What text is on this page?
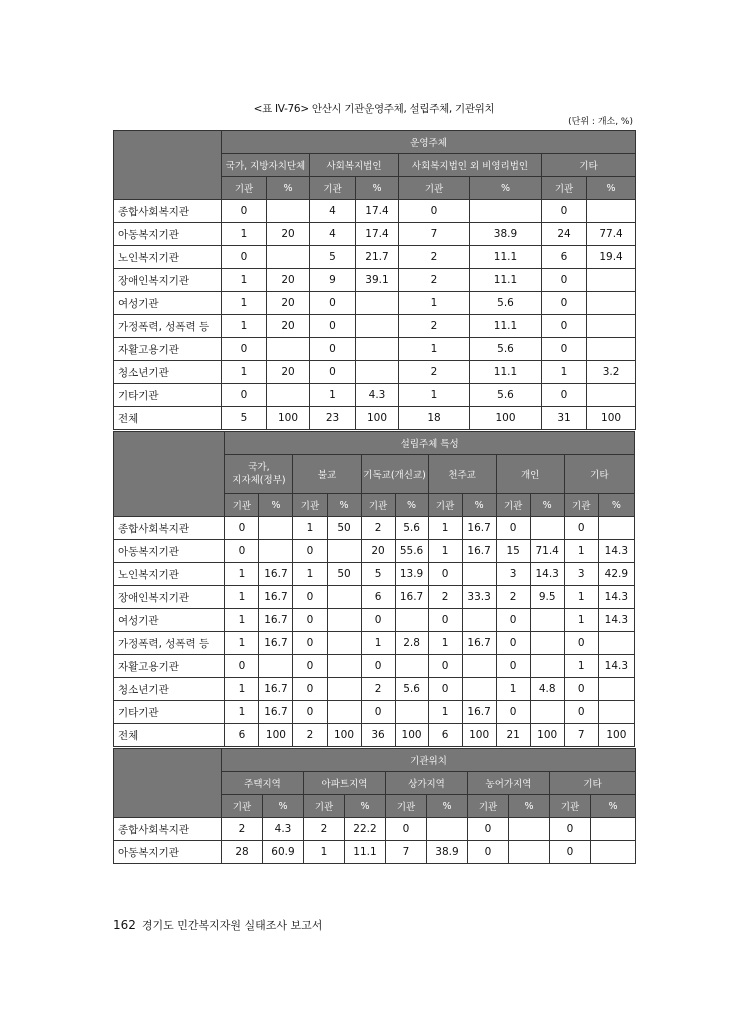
<표 IV-76> 안산시 기관운영주체, 설립주체, 기관위치
(단위 : 개소, %)
	운영주체							
	국가, 지방자치단체		사회복지법인		사회복지법인 외 비영리법인		기타	
	기관	%	기관	%	기관	%	기관	%
종합사회복지관	0		4	17.4	0		0	
아동복지기관	1	20	4	17.4	7	38.9	24	77.4
노인복지기관	0		5	21.7	2	11.1	6	19.4
장애인복지기관	1	20	9	39.1	2	11.1	0	
여성기관	1	20	0		1	5.6	0	
가정폭력, 성폭력 등	1	20	0		2	11.1	0	
자활고용기관	0		0		1	5.6	0	
청소년기관	1	20	0		2	11.1	1	3.2
기타기관	0		1	4.3	1	5.6	0	
전체	5	100	23	100	18	100	31	100
	설립주체 특성											
	국가,
지자체(정부)		불교		기독교(개신교)		천주교		개인		기타	
	기관	%	기관	%	기관	%	기관	%	기관	%	기관	%
종합사회복지관	0		1	50	2	5.6	1	16.7	0		0	
아동복지기관	0		0		20	55.6	1	16.7	15	71.4	1	14.3
노인복지기관	1	16.7	1	50	5	13.9	0		3	14.3	3	42.9
장애인복지기관	1	16.7	0		6	16.7	2	33.3	2	9.5	1	14.3
여성기관	1	16.7	0		0		0		0		1	14.3
가정폭력, 성폭력 등	1	16.7	0		1	2.8	1	16.7	0		0	
자활고용기관	0		0		0		0		0		1	14.3
청소년기관	1	16.7	0		2	5.6	0		1	4.8	0	
기타기관	1	16.7	0		0		1	16.7	0		0	
전체	6	100	2	100	36	100	6	100	21	100	7	100
	기관위치									
	주택지역		아파트지역		상가지역		농어가지역		기타	
	기관	%	기관	%	기관	%	기관	%	기관	%
종합사회복지관	2	4.3	2	22.2	0		0		0	
아동복지기관	28	60.9	1	11.1	7	38.9	0		0	
162 경기도 민간복지자원 실태조사 보고서
